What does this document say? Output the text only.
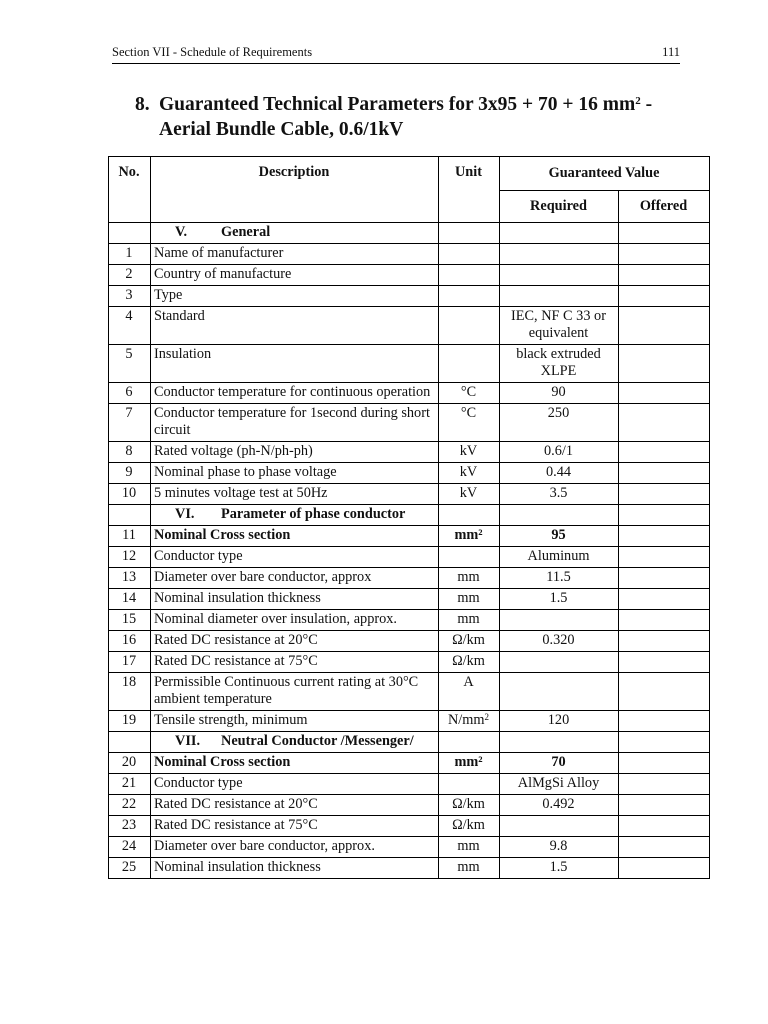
Section VII - Schedule of Requirements	111
8. Guaranteed Technical Parameters for 3x95 + 70 + 16 $mm^2$ -
Aerial Bundle Cable, 0.6/1kV
No.	Description	Unit	Guaranteed Value	
			Required	Offered
	V. General			
1	Name of manufacturer			
2	Country of manufacture			
3	Type			
4	Standard		IEC, NF C 33 or equivalent	
5	Insulation		black extruded XLPE	
6	Conductor temperature for continuous operation	°C	90	
7	Conductor temperature for 1second during short circuit	°C	250	
8	Rated voltage (ph-N/ph-ph)	kV	0.6/1	
9	Nominal phase to phase voltage	kV	0.44	
10	5 minutes voltage test at 50Hz	kV	3.5	
	VI. Parameter of phase conductor			
11	Nominal Cross section	mm²	95	
12	Conductor type		Aluminum	
13	Diameter over bare conductor, approx	mm	11.5	
14	Nominal insulation thickness	mm	1.5	
15	Nominal diameter over insulation, approx.	mm		
16	Rated DC resistance at 20°C	Ω/km	0.320	
17	Rated DC resistance at 75°C	Ω/km		
18	Permissible Continuous current rating at 30°C ambient temperature	A		
19	Tensile strength, minimum	$N/mm^2$	120	
	VII. Neutral Conductor /Messenger/			
20	Nominal Cross section	mm²	70	
21	Conductor type		AlMgSi Alloy	
22	Rated DC resistance at 20°C	Ω/km	0.492	
23	Rated DC resistance at 75°C	Ω/km		
24	Diameter over bare conductor, approx.	mm	9.8	
25	Nominal insulation thickness	mm	1.5	
